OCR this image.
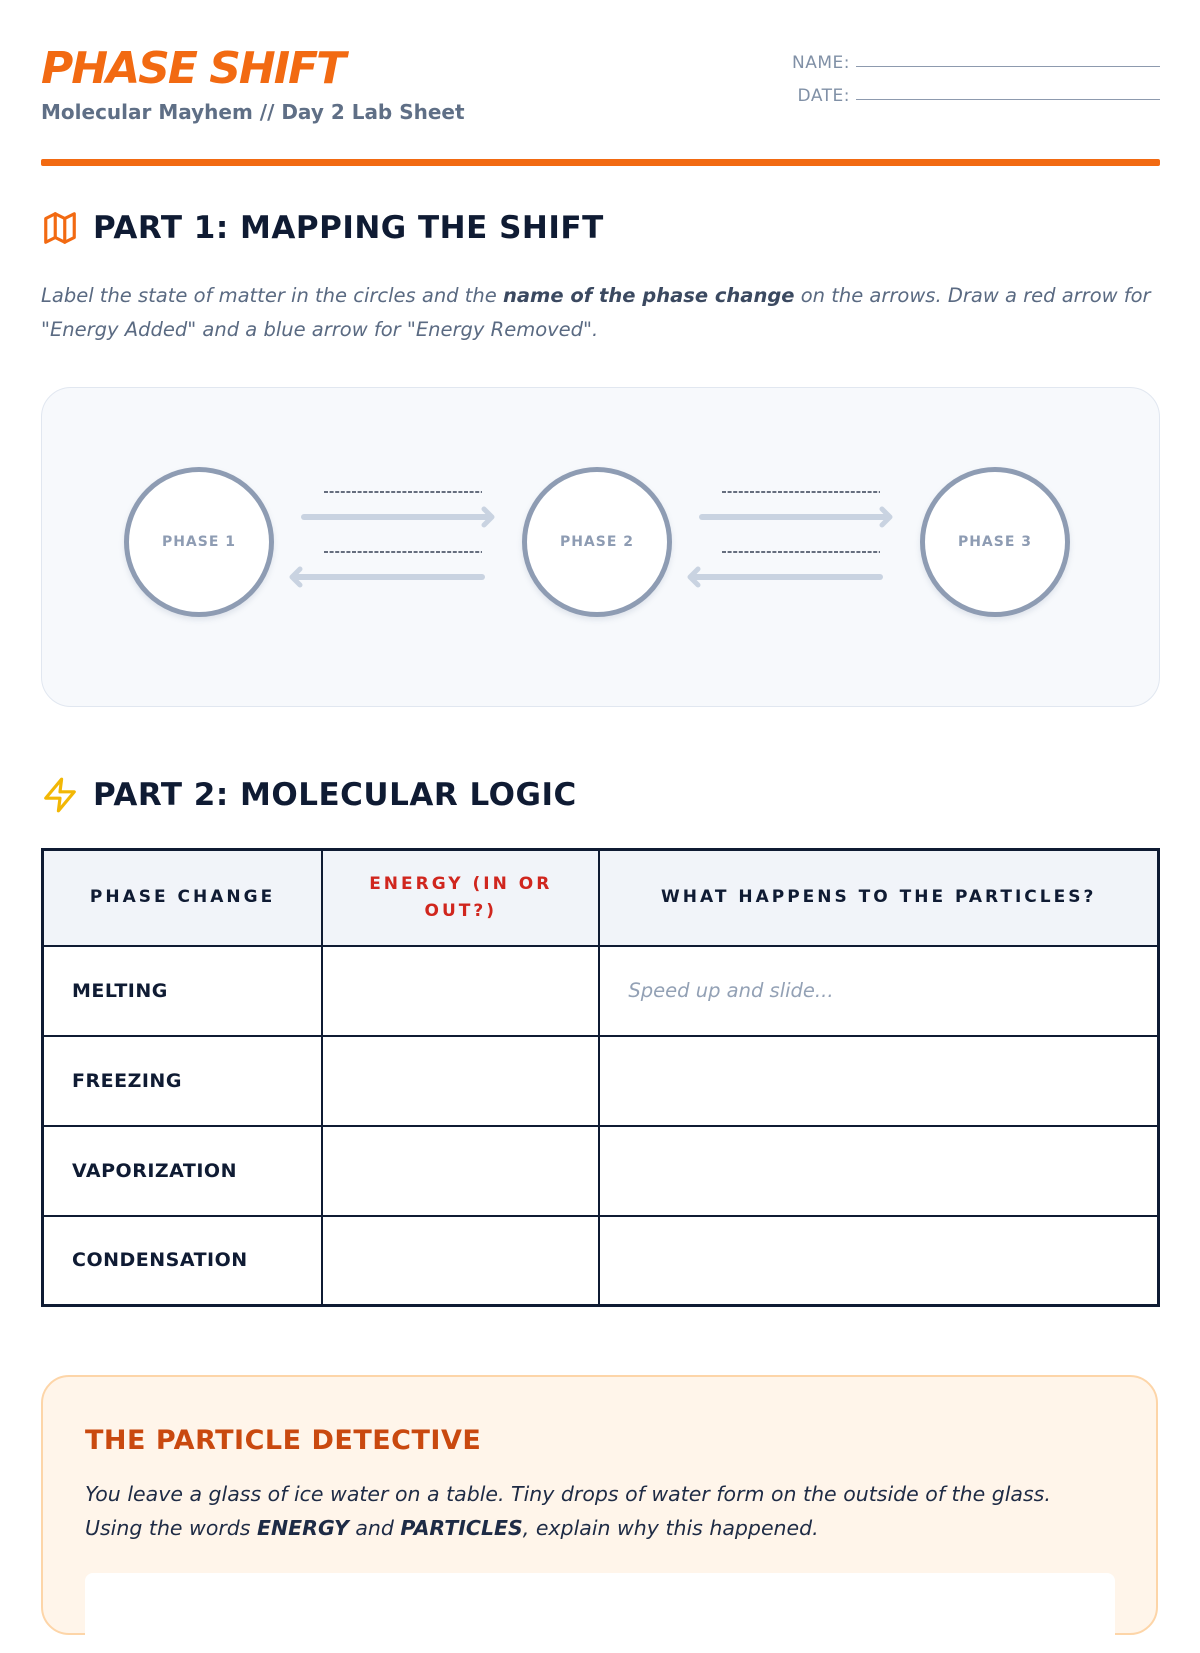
PHASE SHIFT
Molecular Mayhem // Day 2 Lab Sheet
NAME:
DATE:
PART 1: MAPPING THE SHIFT
Label the state of matter in the circles and the name of the phase change on the arrows. Draw a red arrow for "Energy Added" and a blue arrow for "Energy Removed".
PHASE 1	PHASE 2	PHASE 3
PART 2: MOLECULAR LOGIC
PHASE CHANGE	ENERGY (IN OR OUT?)	WHAT HAPPENS TO THE PARTICLES?
MELTING		Speed up and slide...
FREEZING		
VAPORIZATION		
CONDENSATION		
THE PARTICLE DETECTIVE
You leave a glass of ice water on a table. Tiny drops of water form on the outside of the glass. Using the words ENERGY and PARTICLES, explain why this happened.
